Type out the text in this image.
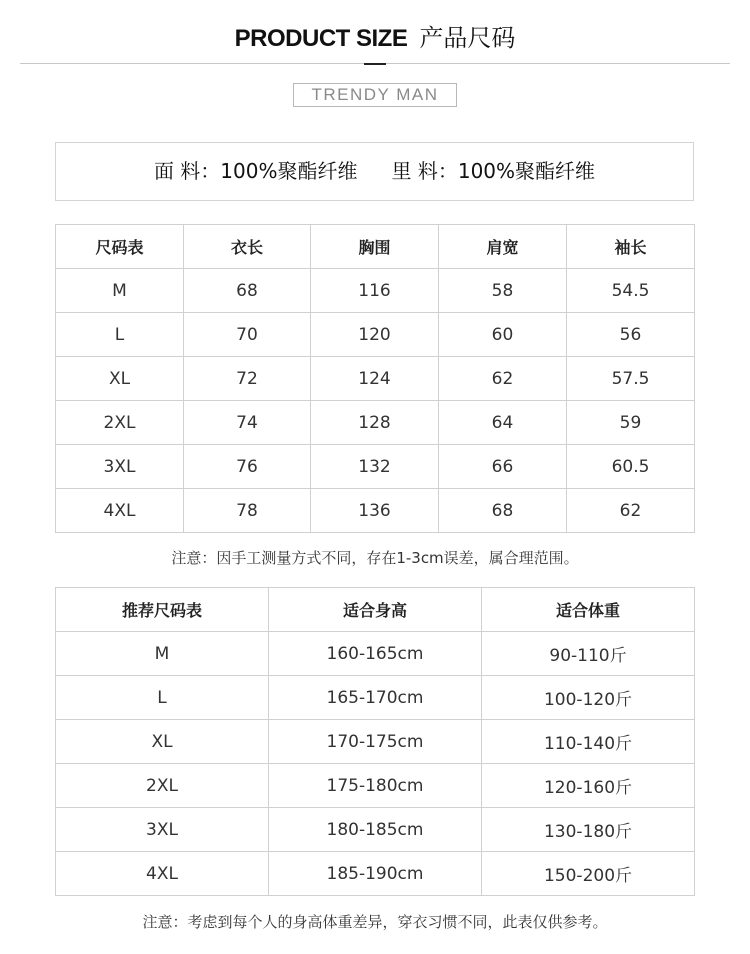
PRODUCT SIZE 产品尺码
TRENDY MAN
面 料：100%聚酯纤维 里 料：100%聚酯纤维
尺码表	衣长	胸围	肩宽	袖长
M	68	116	58	54.5
L	70	120	60	56
XL	72	124	62	57.5
2XL	74	128	64	59
3XL	76	132	66	60.5
4XL	78	136	68	62
注意：因手工测量方式不同，存在1-3cm误差，属合理范围。
推荐尺码表	适合身高	适合体重
M	160-165cm	90-110斤
L	165-170cm	100-120斤
XL	170-175cm	110-140斤
2XL	175-180cm	120-160斤
3XL	180-185cm	130-180斤
4XL	185-190cm	150-200斤
注意：考虑到每个人的身高体重差异，穿衣习惯不同，此表仅供参考。
